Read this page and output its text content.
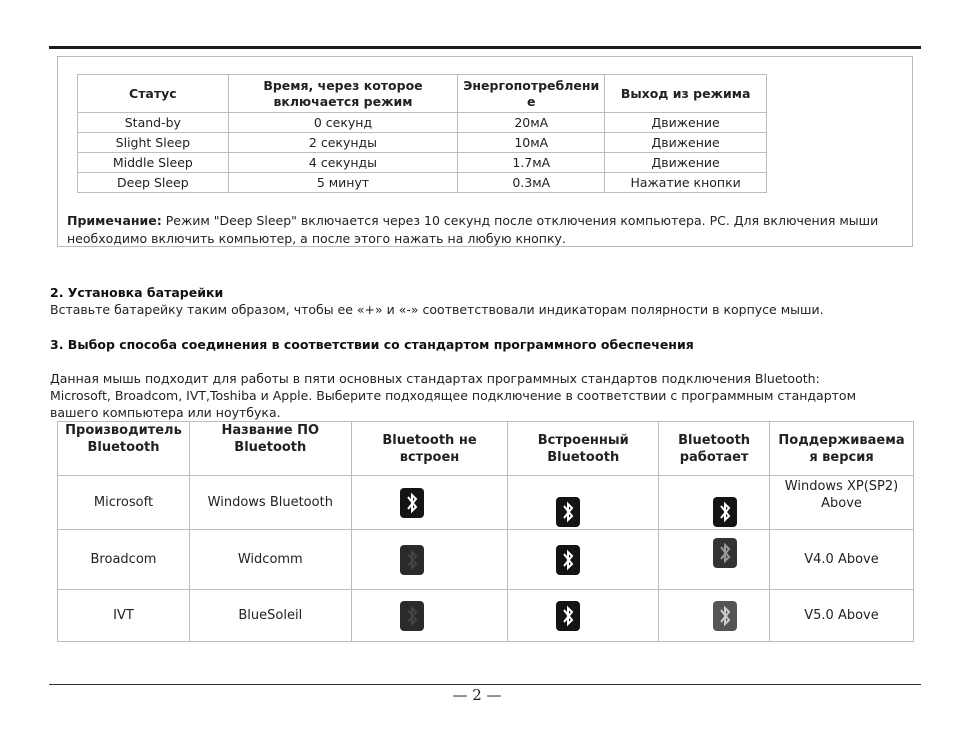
Статус	Время, через которое включается режим	Энергопотреблени е	Выход из режима
Stand-by	0 секунд	20мА	Движение
Slight Sleep	2 секунды	10мА	Движение
Middle Sleep	4 секунды	1.7мА	Движение
Deep Sleep	5 минут	0.3мА	Нажатие кнопки
Примечание: Режим "Deep Sleep" включается через 10 секунд после отключения компьютера. PC. Для включения мыши необходимо включить компьютер, а после этого нажать на любую кнопку.
2. Установка батарейки
Вставьте батарейку таким образом, чтобы ее «+» и «-» соответствовали индикаторам полярности в корпусе мыши.
3. Выбор способа соединения в соответствии со стандартом программного обеспечения
Данная мышь подходит для работы в пяти основных стандартах программных стандартов подключения Bluetooth: Microsoft, Broadcom, IVT,Toshiba и Apple. Выберите подходящее подключение в соответствии с программным стандартом вашего компьютера или ноутбука.
Производитель Bluetooth	Название ПО Bluetooth	Bluetooth не встроен	Встроенный Bluetooth	Bluetooth работает	Поддерживаема я версия
Microsoft	Windows Bluetooth				Windows XP(SP2) Above
Broadcom	Widcomm				V4.0 Above
IVT	BlueSoleil				V5.0 Above
— 2 —
